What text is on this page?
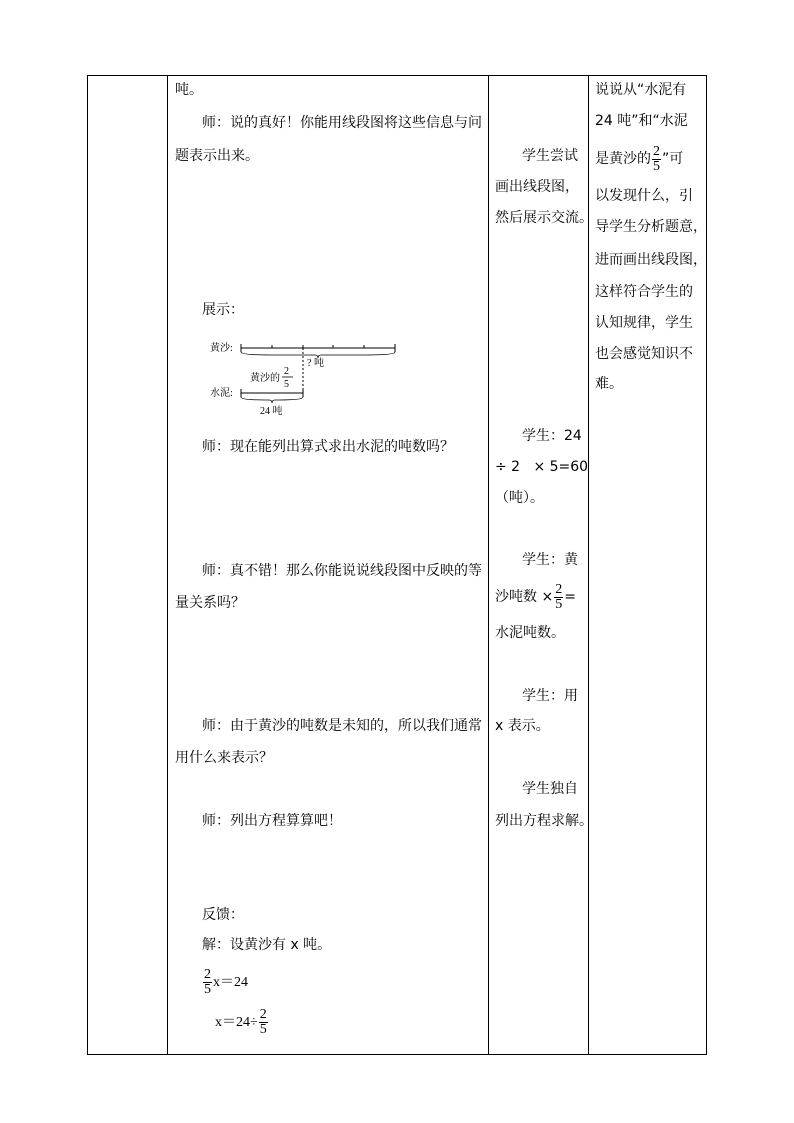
吨。
师：说的真好！你能用线段图将这些信息与问
题表示出来。
展示：
黄沙:
? 吨
黄沙的
2
5
水泥:
24 吨
师：现在能列出算式求出水泥的吨数吗？
师：真不错！那么你能说说线段图中反映的等
量关系吗？
师：由于黄沙的吨数是未知的，所以我们通常
用什么来表示？
师：列出方程算算吧！
反馈：
解：设黄沙有 x 吨。
$\frac{2}{5} x=24$
$x=24\div \frac{2}{5}$
学生尝试
画出线段图，
然后展示交流。
学生：24
÷ 2   × 5=60
（吨）。
学生：黄
沙吨数 × $\frac{2}{5}$ =
水泥吨数。
学生：用
x 表示。
学生独自
列出方程求解。
说说从“水泥有
24 吨”和“水泥
是黄沙的 $\frac{2}{5}$ ”可
以发现什么，引
导学生分析题意，
进而画出线段图，
这样符合学生的
认知规律，学生
也会感觉知识不
难。
